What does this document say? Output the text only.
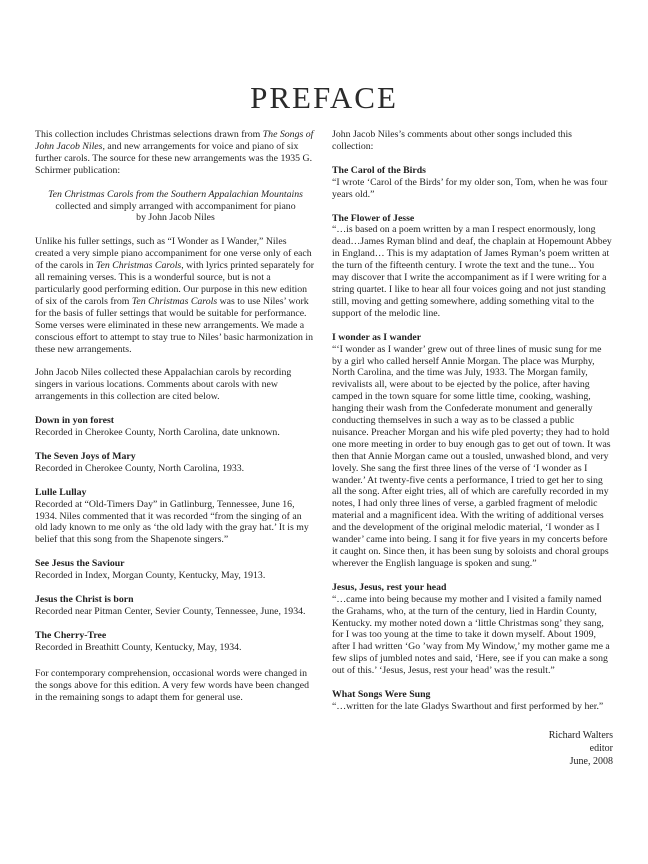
PREFACE

This collection includes Christmas selections drawn from The Songs of John Jacob Niles, and new arrangements for voice and piano of six further carols. The source for these new arrangements was the 1935 G. Schirmer publication:

Ten Christmas Carols from the Southern Appalachian Mountains
collected and simply arranged with accompaniment for piano
by John Jacob Niles

Unlike his fuller settings, such as “I Wonder as I Wander,” Niles created a very simple piano accompaniment for one verse only of each of the carols in Ten Christmas Carols, with lyrics printed separately for all remaining verses. This is a wonderful source, but is not a particularly good performing edition. Our purpose in this new edition of six of the carols from Ten Christmas Carols was to use Niles’ work for the basis of fuller settings that would be suitable for performance. Some verses were eliminated in these new arrangements. We made a conscious effort to attempt to stay true to Niles’ basic harmonization in these new arrangements.

John Jacob Niles collected these Appalachian carols by recording singers in various locations. Comments about carols with new arrangements in this collection are cited below.

Down in yon forest
Recorded in Cherokee County, North Carolina, date unknown.
The Seven Joys of Mary
Recorded in Cherokee County, North Carolina, 1933.
Lulle Lullay
Recorded at “Old-Timers Day” in Gatlinburg, Tennessee, June 16, 1934. Niles commented that it was recorded “from the singing of an old lady known to me only as ‘the old lady with the gray hat.’ It is my belief that this song from the Shapenote singers.”
See Jesus the Saviour
Recorded in Index, Morgan County, Kentucky, May, 1913.
Jesus the Christ is born
Recorded near Pitman Center, Sevier County, Tennessee, June, 1934.
The Cherry-Tree
Recorded in Breathitt County, Kentucky, May, 1934.

For contemporary comprehension, occasional words were changed in the songs above for this edition. A very few words have been changed in the remaining songs to adapt them for general use.

John Jacob Niles’s comments about other songs included this collection:

The Carol of the Birds
“I wrote ‘Carol of the Birds’ for my older son, Tom, when he was four years old.”
The Flower of Jesse
“…is based on a poem written by a man I respect enormously, long dead…James Ryman blind and deaf, the chaplain at Hopemount Abbey in England… This is my adaptation of James Ryman’s poem written at the turn of the fifteenth century. I wrote the text and the tune... You may discover that I write the accompaniment as if I were writing for a string quartet. I like to hear all four voices going and not just standing still, moving and getting somewhere, adding something vital to the support of the melodic line.
I wonder as I wander
“‘I wonder as I wander’ grew out of three lines of music sung for me by a girl who called herself Annie Morgan. The place was Murphy, North Carolina, and the time was July, 1933. The Morgan family, revivalists all, were about to be ejected by the police, after having camped in the town square for some little time, cooking, washing, hanging their wash from the Confederate monument and generally conducting themselves in such a way as to be classed a public nuisance. Preacher Morgan and his wife pled poverty; they had to hold one more meeting in order to buy enough gas to get out of town. It was then that Annie Morgan came out a tousled, unwashed blond, and very lovely. She sang the first three lines of the verse of ‘I wonder as I wander.’ At twenty-five cents a performance, I tried to get her to sing all the song. After eight tries, all of which are carefully recorded in my notes, I had only three lines of verse, a garbled fragment of melodic material and a magnificent idea. With the writing of additional verses and the development of the original melodic material, ‘I wonder as I wander’ came into being. I sang it for five years in my concerts before it caught on. Since then, it has been sung by soloists and choral groups wherever the English language is spoken and sung.”
Jesus, Jesus, rest your head
“…came into being because my mother and I visited a family named the Grahams, who, at the turn of the century, lied in Hardin County, Kentucky. my mother noted down a ‘little Christmas song’ they sang, for I was too young at the time to take it down myself. About 1909, after I had written ‘Go ’way from My Window,’ my mother game me a few slips of jumbled notes and said, ‘Here, see if you can make a song out of this.’ ‘Jesus, Jesus, rest your head’ was the result.”
What Songs Were Sung
“…written for the late Gladys Swarthout and first performed by her.”
Richard Walters
editor
June, 2008
